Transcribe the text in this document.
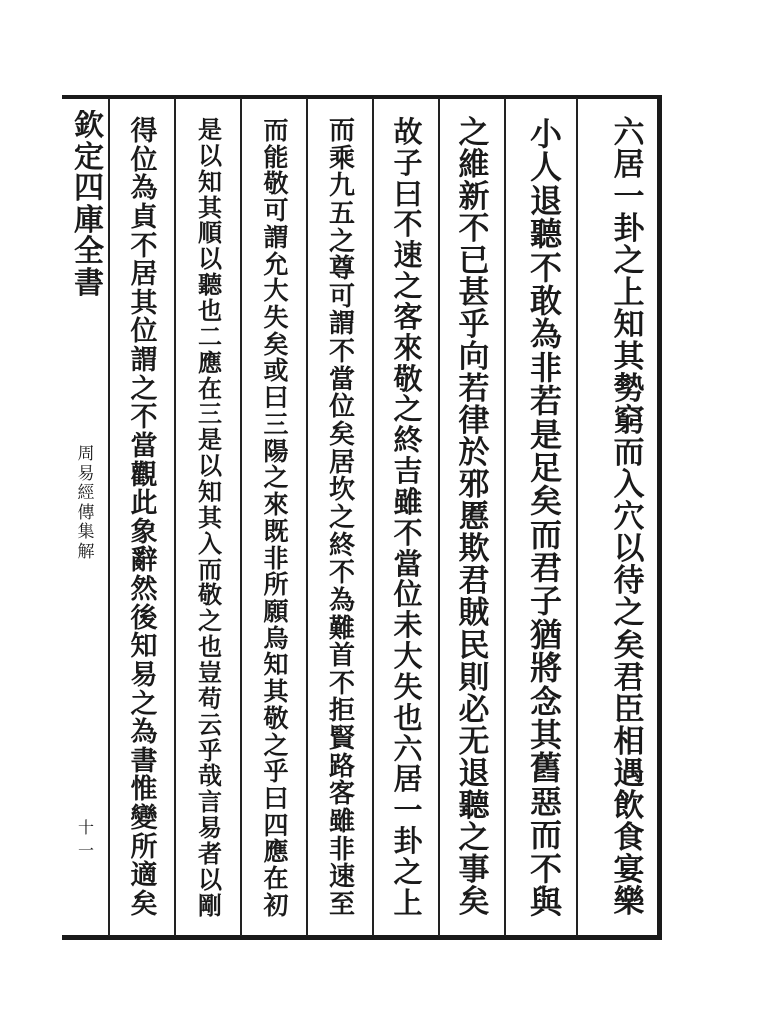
欽
定
四
庫
全
書
周
易
經
傳
集
解
十一
六
居
一
卦
之
上
知
其
勢
窮
而
入
穴
以
待
之
矣
君
臣
相
遇
飲
食
宴
樂
小
人
退
聽
不
敢
為
非
若
是
足
矣
而
君
子
猶
將
念
其
舊
惡
而
不
與
之
維
新
不
已
甚
乎
向
若
律
於
邪
慝
欺
君
賊
民
則
必
无
退
聽
之
事
矣
故
子
曰
不
速
之
客
來
敬
之
終
吉
雖
不
當
位
未
大
失
也
六
居
一
卦
之
上
而
乘
九
五
之
尊
可
謂
不
當
位
矣
居
坎
之
終
不
為
難
首
不
拒
賢
路
客
雖
非
速
至
而
能
敬
可
謂
允
大
失
矣
或
曰
三
陽
之
來
既
非
所
願
烏
知
其
敬
之
乎
曰
四
應
在
初
是
以
知
其
順
以
聽
也
二
應
在
三
是
以
知
其
入
而
敬
之
也
豈
苟
云
乎
哉
言
易
者
以
剛
得
位
為
貞
不
居
其
位
謂
之
不
當
觀
此
象
辭
然
後
知
易
之
為
書
惟
變
所
適
矣
